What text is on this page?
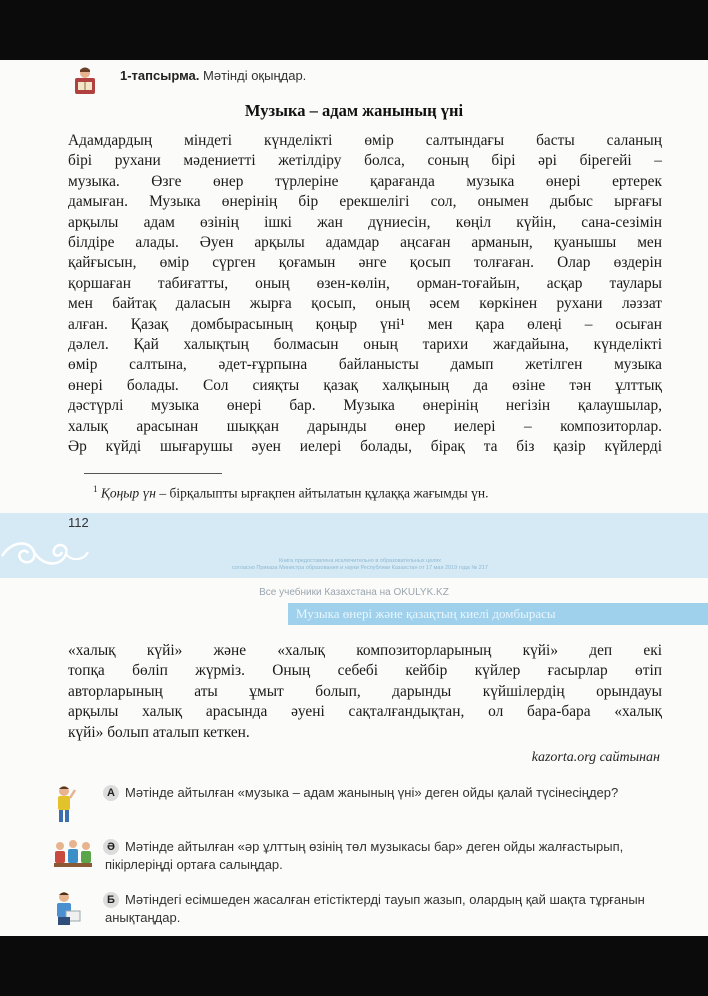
1-тапсырма. Мәтінді оқыңдар.
Музыка – адам жанының үні
Адамдардың міндеті күнделікті өмір салтындағы басты саланың
бірі рухани мәдениетті жетілдіру болса, соның бірі әрі бірегейі –
музыка. Өзге өнер түрлеріне қарағанда музыка өнері ертерек
дамыған. Музыка өнерінің бір ерекшелігі сол, онымен дыбыс ырғағы
арқылы адам өзінің ішкі жан дүниесін, көңіл күйін, сана-сезімін
білдіре алады. Әуен арқылы адамдар аңсаған арманын, қуанышы мен
қайғысын, өмір сүрген қоғамын әнге қосып толғаған. Олар өздерін
қоршаған табиғатты, оның өзен-көлін, орман-тоғайын, асқар таулары
мен байтақ даласын жырға қосып, оның әсем көркінен рухани ләззат
алған. Қазақ домбырасының қоңыр үні¹ мен қара өлеңі – осыған
дәлел. Қай халықтың болмасын оның тарихи жағдайына, күнделікті
өмір салтына, әдет-ғұрпына байланысты дамып жетілген музыка
өнері болады. Сол сияқты қазақ халқының да өзіне тән ұлттық
дәстүрлі музыка өнері бар. Музыка өнерінің негізін қалаушылар,
халық арасынан шыққан дарынды өнер иелері – композиторлар.
Әр күйді шығарушы әуен иелері болады, бірақ та біз қазір күйлерді
$^1$ Қоңыр үн – бірқалыпты ырғақпен айтылатын құлаққа жағымды үн.
112
Книга предоставлена исключительно в образовательных целях
согласно Приказа Министра образования и науки Республики Казахстан от 17 мая 2019 года № 217
Все учебники Казахстана на OKULYK.KZ
Музыка өнері және қазақтың киелі домбырасы
«халық күйі» және «халық композиторларының күйі» деп екі
топқа бөліп жүрміз. Оның себебі кейбір күйлер ғасырлар өтіп
авторларының аты ұмыт болып, дарынды күйшілердің орындауы
арқылы халық арасында әуені сақталғандықтан, ол бара-бара «халық
күйі» болып аталып кеткен.
kazorta.org сайтынан
А Мәтінде айтылған «музыка – адам жанының үні» деген ойды қалай түсінесіңдер?
Ә Мәтінде айтылған «әр ұлттың өзінің төл музыкасы бар» деген ойды жалғастырып, пікірлеріңді ортаға салыңдар.
Б Мәтіндегі есімшеден жасалған етістіктерді тауып жазып, олардың қай шақта тұрғанын анықтаңдар.
